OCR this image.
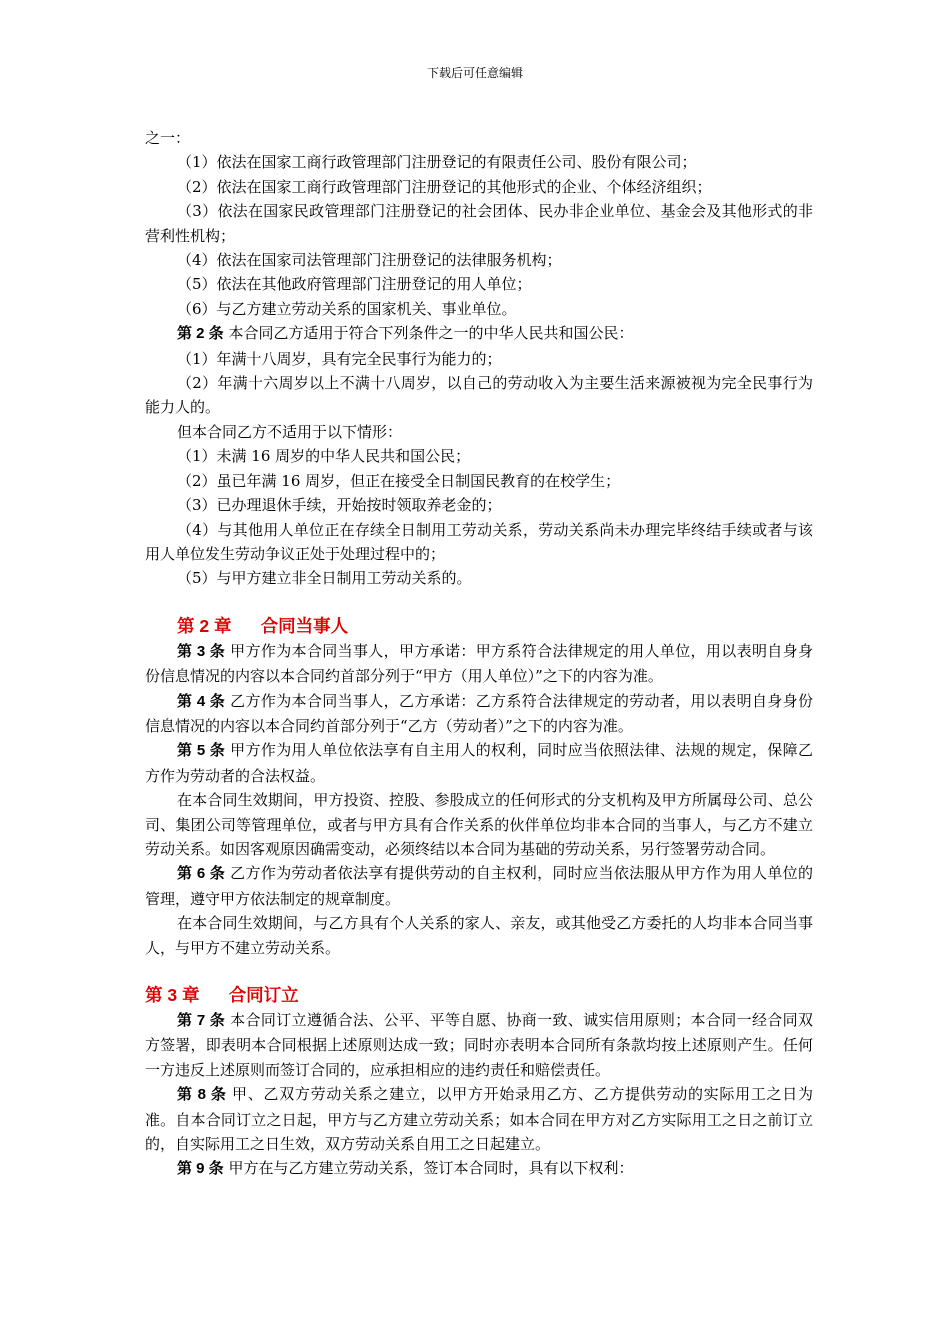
下载后可任意编辑

之一：

（1）依法在国家工商行政管理部门注册登记的有限责任公司、股份有限公司；

（2）依法在国家工商行政管理部门注册登记的其他形式的企业、个体经济组织；

（3）依法在国家民政管理部门注册登记的社会团体、民办非企业单位、基金会及其他形式的非营利性机构；

（4）依法在国家司法管理部门注册登记的法律服务机构；

（5）依法在其他政府管理部门注册登记的用人单位；

（6）与乙方建立劳动关系的国家机关、事业单位。

第 2 条 本合同乙方适用于符合下列条件之一的中华人民共和国公民：

（1）年满十八周岁，具有完全民事行为能力的；

（2）年满十六周岁以上不满十八周岁，以自己的劳动收入为主要生活来源被视为完全民事行为能力人的。

但本合同乙方不适用于以下情形：

（1）未满 16 周岁的中华人民共和国公民；

（2）虽已年满 16 周岁，但正在接受全日制国民教育的在校学生；

（3）已办理退休手续，开始按时领取养老金的；

（4）与其他用人单位正在存续全日制用工劳动关系，劳动关系尚未办理完毕终结手续或者与该用人单位发生劳动争议正处于处理过程中的；

（5）与甲方建立非全日制用工劳动关系的。

第 2 章      合同当事人

第 3 条 甲方作为本合同当事人，甲方承诺：甲方系符合法律规定的用人单位，用以表明自身身份信息情况的内容以本合同约首部分列于“甲方（用人单位）”之下的内容为准。

第 4 条 乙方作为本合同当事人，乙方承诺：乙方系符合法律规定的劳动者，用以表明自身身份信息情况的内容以本合同约首部分列于“乙方（劳动者）”之下的内容为准。

第 5 条 甲方作为用人单位依法享有自主用人的权利，同时应当依照法律、法规的规定，保障乙方作为劳动者的合法权益。

在本合同生效期间，甲方投资、控股、参股成立的任何形式的分支机构及甲方所属母公司、总公司、集团公司等管理单位，或者与甲方具有合作关系的伙伴单位均非本合同的当事人，与乙方不建立劳动关系。如因客观原因确需变动，必须终结以本合同为基础的劳动关系，另行签署劳动合同。

第 6 条 乙方作为劳动者依法享有提供劳动的自主权利，同时应当依法服从甲方作为用人单位的管理，遵守甲方依法制定的规章制度。

在本合同生效期间，与乙方具有个人关系的家人、亲友，或其他受乙方委托的人均非本合同当事人，与甲方不建立劳动关系。

第 3 章      合同订立

第 7 条 本合同订立遵循合法、公平、平等自愿、协商一致、诚实信用原则；本合同一经合同双方签署，即表明本合同根据上述原则达成一致；同时亦表明本合同所有条款均按上述原则产生。任何一方违反上述原则而签订合同的，应承担相应的违约责任和赔偿责任。

第 8 条 甲、乙双方劳动关系之建立，以甲方开始录用乙方、乙方提供劳动的实际用工之日为准。自本合同订立之日起，甲方与乙方建立劳动关系；如本合同在甲方对乙方实际用工之日之前订立的，自实际用工之日生效，双方劳动关系自用工之日起建立。

第 9 条 甲方在与乙方建立劳动关系，签订本合同时，具有以下权利：
